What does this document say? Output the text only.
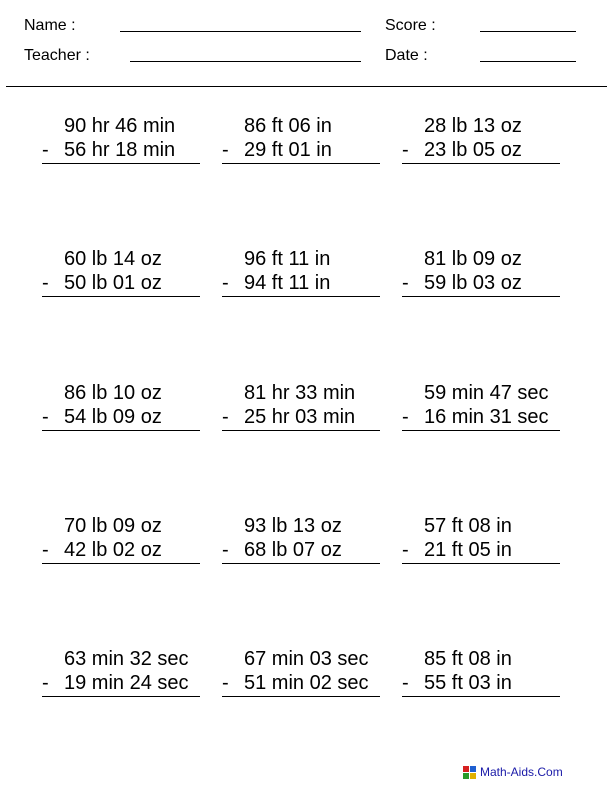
Name :
Teacher :
Score :
Date :
90 hr 46 min
- 56 hr 18 min
86 ft 06 in
- 29 ft 01 in
28 lb 13 oz
- 23 lb 05 oz
60 lb 14 oz
- 50 lb 01 oz
96 ft 11 in
- 94 ft 11 in
81 lb 09 oz
- 59 lb 03 oz
86 lb 10 oz
- 54 lb 09 oz
81 hr 33 min
- 25 hr 03 min
59 min 47 sec
- 16 min 31 sec
70 lb 09 oz
- 42 lb 02 oz
93 lb 13 oz
- 68 lb 07 oz
57 ft 08 in
- 21 ft 05 in
63 min 32 sec
- 19 min 24 sec
67 min 03 sec
- 51 min 02 sec
85 ft 08 in
- 55 ft 03 in
Math-Aids.Com
